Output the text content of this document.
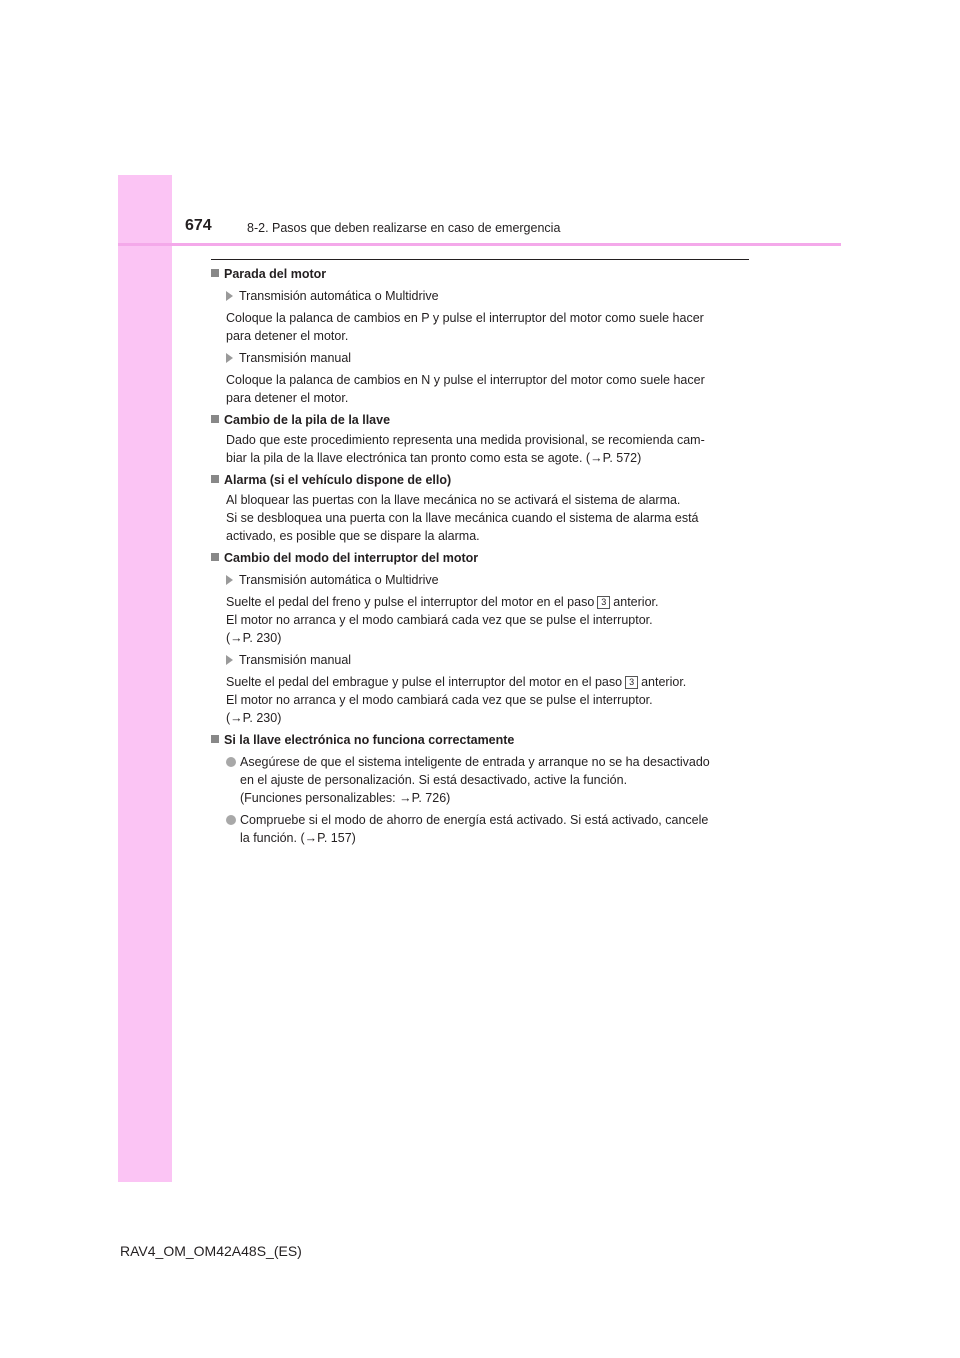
674	8-2. Pasos que deben realizarse en caso de emergencia
Parada del motor
Transmisión automática o Multidrive
Coloque la palanca de cambios en P y pulse el interruptor del motor como suele hacer
para detener el motor.
Transmisión manual
Coloque la palanca de cambios en N y pulse el interruptor del motor como suele hacer
para detener el motor.
Cambio de la pila de la llave
Dado que este procedimiento representa una medida provisional, se recomienda cam-
biar la pila de la llave electrónica tan pronto como esta se agote. (→P. 572)
Alarma (si el vehículo dispone de ello)
Al bloquear las puertas con la llave mecánica no se activará el sistema de alarma.
Si se desbloquea una puerta con la llave mecánica cuando el sistema de alarma está
activado, es posible que se dispare la alarma.
Cambio del modo del interruptor del motor
Transmisión automática o Multidrive
Suelte el pedal del freno y pulse el interruptor del motor en el paso 3 anterior.
El motor no arranca y el modo cambiará cada vez que se pulse el interruptor.
(→P. 230)
Transmisión manual
Suelte el pedal del embrague y pulse el interruptor del motor en el paso 3 anterior.
El motor no arranca y el modo cambiará cada vez que se pulse el interruptor.
(→P. 230)
Si la llave electrónica no funciona correctamente
Asegúrese de que el sistema inteligente de entrada y arranque no se ha desactivado
en el ajuste de personalización. Si está desactivado, active la función.
(Funciones personalizables: →P. 726)
Compruebe si el modo de ahorro de energía está activado. Si está activado, cancele
la función. (→P. 157)
RAV4_OM_OM42A48S_(ES)
